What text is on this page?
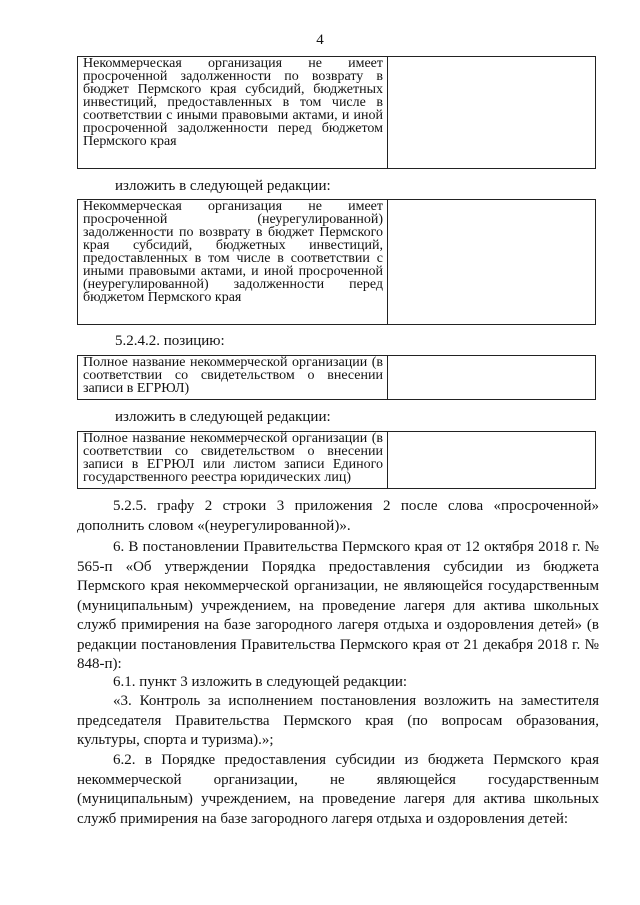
4
Некоммерческая организация не имеет просроченной задолженности по возврату в бюджет Пермского края субсидий, бюджетных инвестиций, предоставленных в том числе в соответствии с иными правовыми актами, и иной просроченной задолженности перед бюджетом Пермского края	
изложить в следующей редакции:
Некоммерческая организация не имеет просроченной (неурегулированной) задолженности по возврату в бюджет Пермского края субсидий, бюджетных инвестиций, предоставленных в том числе в соответствии с иными правовыми актами, и иной просроченной (неурегулированной) задолженности перед бюджетом Пермского края	
5.2.4.2. позицию:
Полное название некоммерческой организации (в соответствии со свидетельством о внесении записи в ЕГРЮЛ)	
изложить в следующей редакции:
Полное название некоммерческой организации (в соответствии со свидетельством о внесении записи в ЕГРЮЛ или листом записи Единого государственного реестра юридических лиц)	
5.2.5. графу 2 строки 3 приложения 2 после слова «просроченной» дополнить словом «(неурегулированной)».
6. В постановлении Правительства Пермского края от 12 октября 2018 г. № 565-п «Об утверждении Порядка предоставления субсидии из бюджета Пермского края некоммерческой организации, не являющейся государственным (муниципальным) учреждением, на проведение лагеря для актива школьных служб примирения на базе загородного лагеря отдыха и оздоровления детей» (в редакции постановления Правительства Пермского края от 21 декабря 2018 г. № 848-п):
6.1. пункт 3 изложить в следующей редакции:
«3. Контроль за исполнением постановления возложить на заместителя председателя Правительства Пермского края (по вопросам образования, культуры, спорта и туризма).»;
6.2. в Порядке предоставления субсидии из бюджета Пермского края некоммерческой организации, не являющейся государственным (муниципальным) учреждением, на проведение лагеря для актива школьных служб примирения на базе загородного лагеря отдыха и оздоровления детей:
